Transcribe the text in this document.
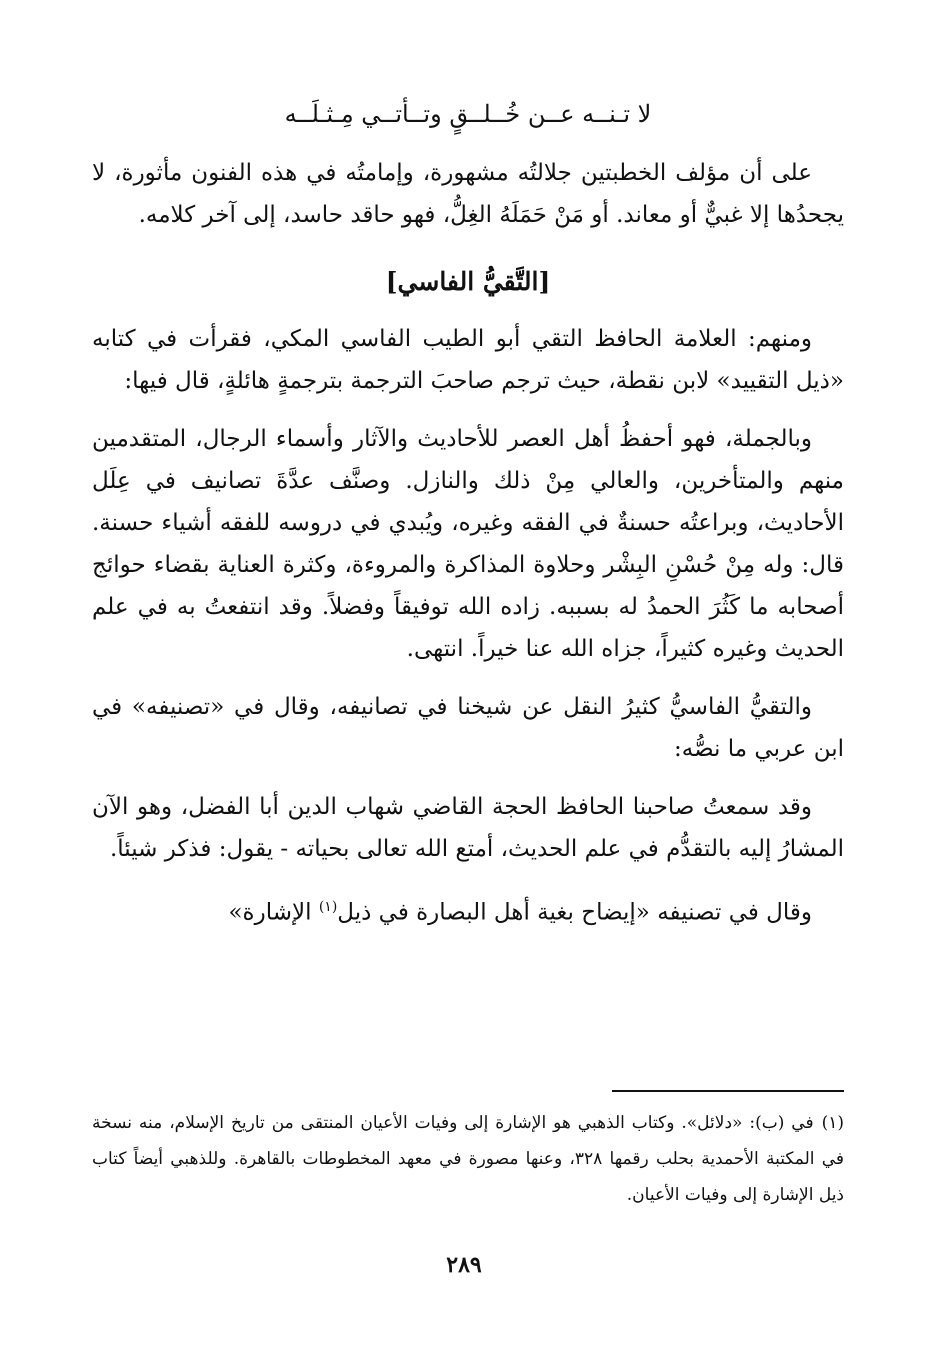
لا تـنــه عــن خُــلــقٍ وتــأتــي مِـثـلَــه

على أن مؤلف الخطبتين جلالتُه مشهورة، وإمامتُه في هذه الفنون مأثورة، لا يجحدُها إلا غبيٌّ أو معاند. أو مَنْ حَمَلَهُ الغِلُّ، فهو حاقد حاسد، إلى آخر كلامه.

[التَّقيُّ الفاسي]

ومنهم: العلامة الحافظ التقي أبو الطيب الفاسي المكي، فقرأت في كتابه «ذيل التقييد» لابن نقطة، حيث ترجم صاحبَ الترجمة بترجمةٍ هائلةٍ، قال فيها:

وبالجملة، فهو أحفظُ أهل العصر للأحاديث والآثار وأسماء الرجال، المتقدمين منهم والمتأخرين، والعالي مِنْ ذلك والنازل. وصنَّف عدَّةَ تصانيف في عِلَل الأحاديث، وبراعتُه حسنةٌ في الفقه وغيره، ويُبدي في دروسه للفقه أشياء حسنة. قال: وله مِنْ حُسْنِ البِشْر وحلاوة المذاكرة والمروءة، وكثرة العناية بقضاء حوائج أصحابه ما كَثُرَ الحمدُ له بسببه. زاده الله توفيقاً وفضلاً. وقد انتفعتُ به في علم الحديث وغيره كثيراً، جزاه الله عنا خيراً. انتهى.

والتقيُّ الفاسيُّ كثيرُ النقل عن شيخنا في تصانيفه، وقال في «تصنيفه» في ابن عربي ما نصُّه:

وقد سمعتُ صاحبنا الحافظ الحجة القاضي شهاب الدين أبا الفضل، وهو الآن المشارُ إليه بالتقدُّم في علم الحديث، أمتع الله تعالى بحياته - يقول: فذكر شيئاً.

وقال في تصنيفه «إيضاح بغية أهل البصارة في ذيل$^{(١)}$ الإشارة»

(١)في (ب): «دلائل». وكتاب الذهبي هو الإشارة إلى وفيات الأعيان المنتقى من تاريخ الإسلام، منه نسخة في المكتبة الأحمدية بحلب رقمها ٣٢٨، وعنها مصورة في معهد المخطوطات بالقاهرة. وللذهبي أيضاً كتاب ذيل الإشارة إلى وفيات الأعيان.
٢٨٩
